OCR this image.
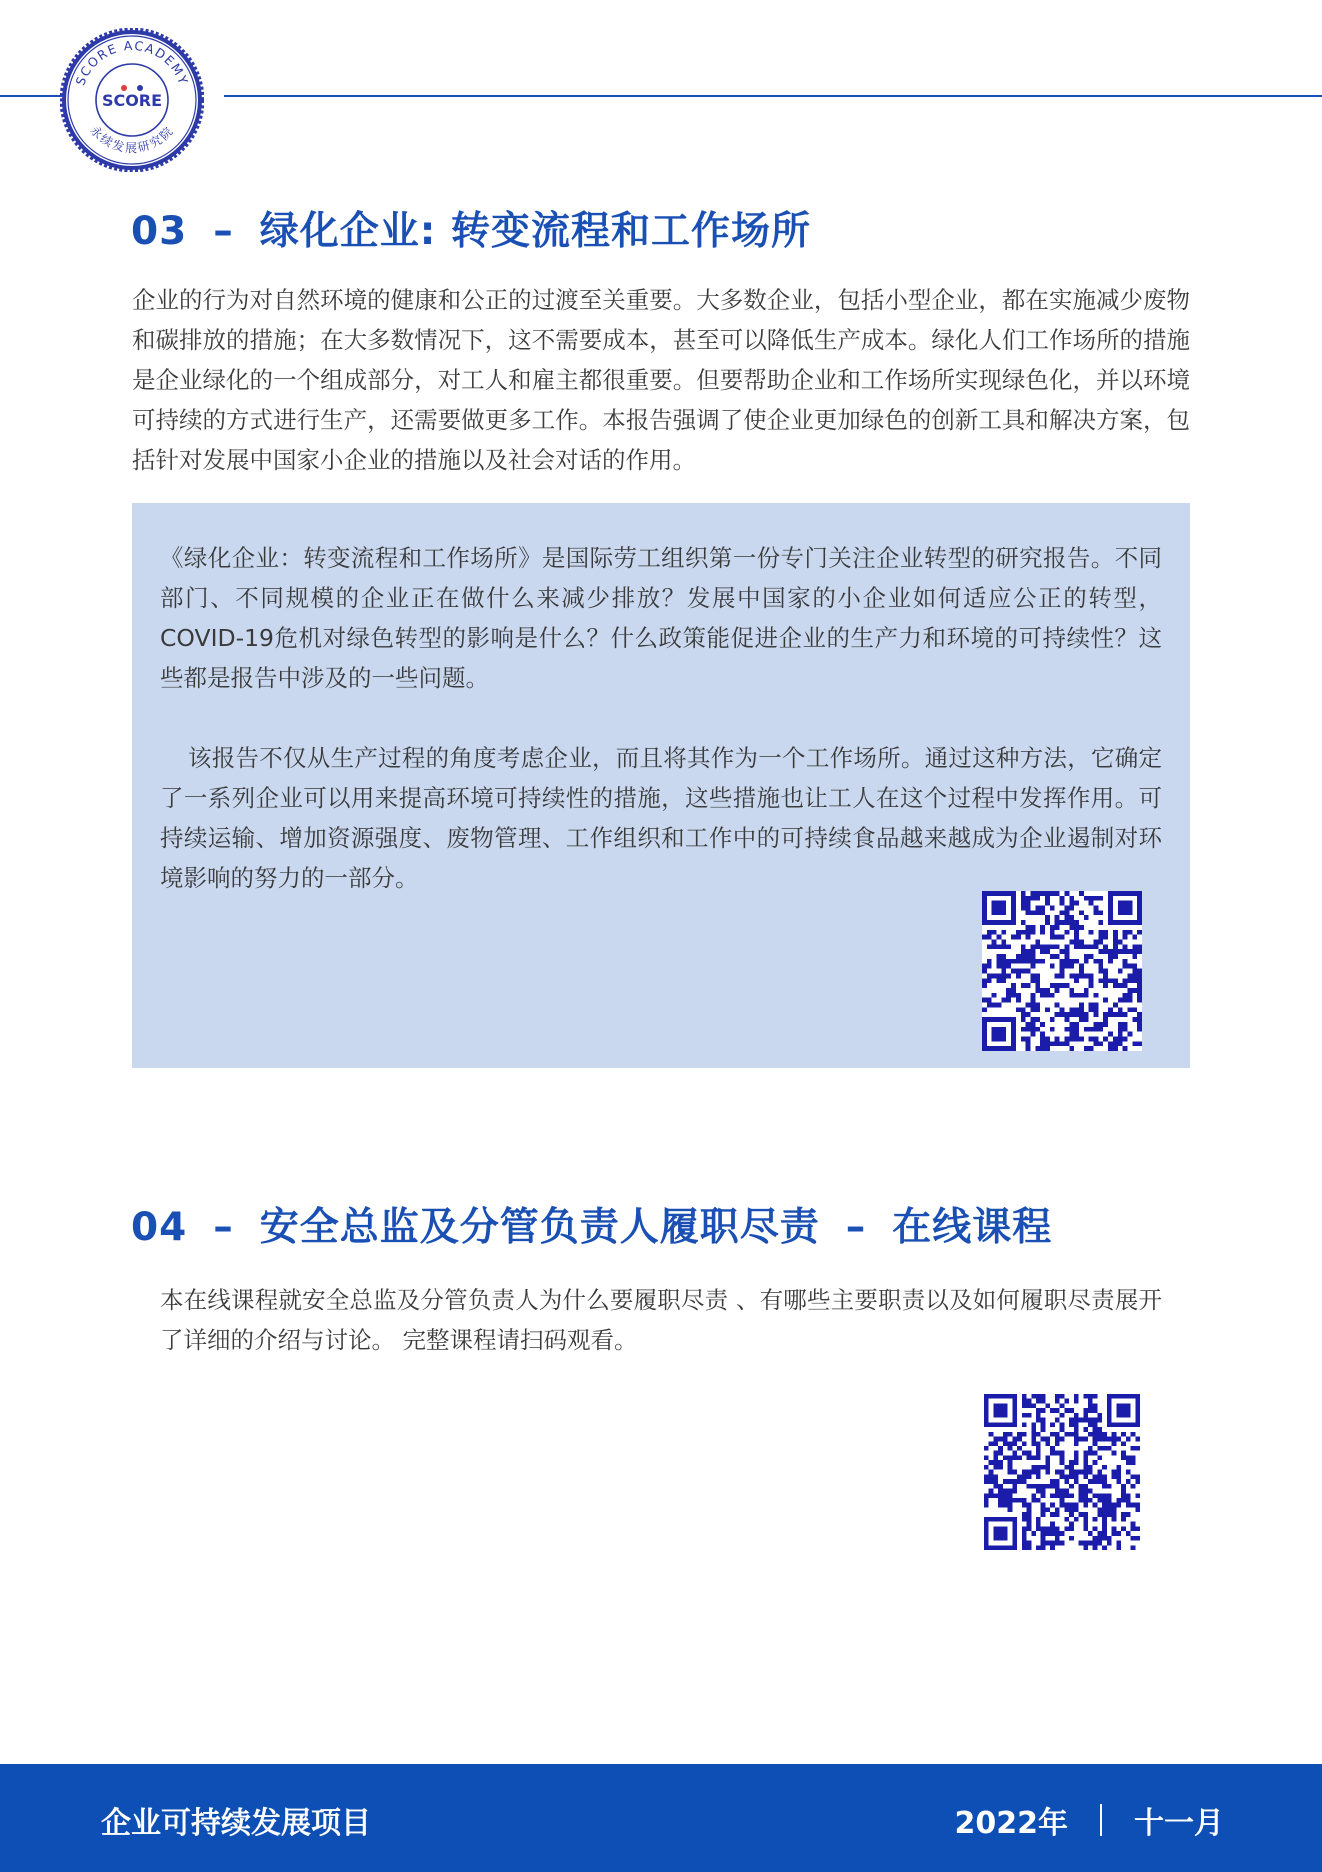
SCORE ACADEMY
永续发展研究院
SCORE
03 – 绿化企业: 转变流程和工作场所

企业的行为对自然环境的健康和公正的过渡至关重要。大多数企业，包括小型企业，都在实施减少废物和碳排放的措施；在大多数情况下，这不需要成本，甚至可以降低生产成本。绿化人们工作场所的措施是企业绿化的一个组成部分，对工人和雇主都很重要。但要帮助企业和工作场所实现绿色化，并以环境可持续的方式进行生产，还需要做更多工作。本报告强调了使企业更加绿色的创新工具和解决方案，包括针对发展中国家小企业的措施以及社会对话的作用。

《绿化企业：转变流程和工作场所》是国际劳工组织第一份专门关注企业转型的研究报告。不同部门、不同规模的企业正在做什么来减少排放？发展中国家的小企业如何适应公正的转型，COVID-19危机对绿色转型的影响是什么？什么政策能促进企业的生产力和环境的可持续性？这些都是报告中涉及的一些问题。

该报告不仅从生产过程的角度考虑企业，而且将其作为一个工作场所。通过这种方法，它确定了一系列企业可以用来提高环境可持续性的措施，这些措施也让工人在这个过程中发挥作用。可持续运输、增加资源强度、废物管理、工作组织和工作中的可持续食品越来越成为企业遏制对环境影响的努力的一部分。

04 – 安全总监及分管负责人履职尽责 – 在线课程

本在线课程就安全总监及分管负责人为什么要履职尽责 、有哪些主要职责以及如何履职尽责展开了详细的介绍与讨论。 完整课程请扫码观看。

企业可持续发展项目	2022年 十一月
